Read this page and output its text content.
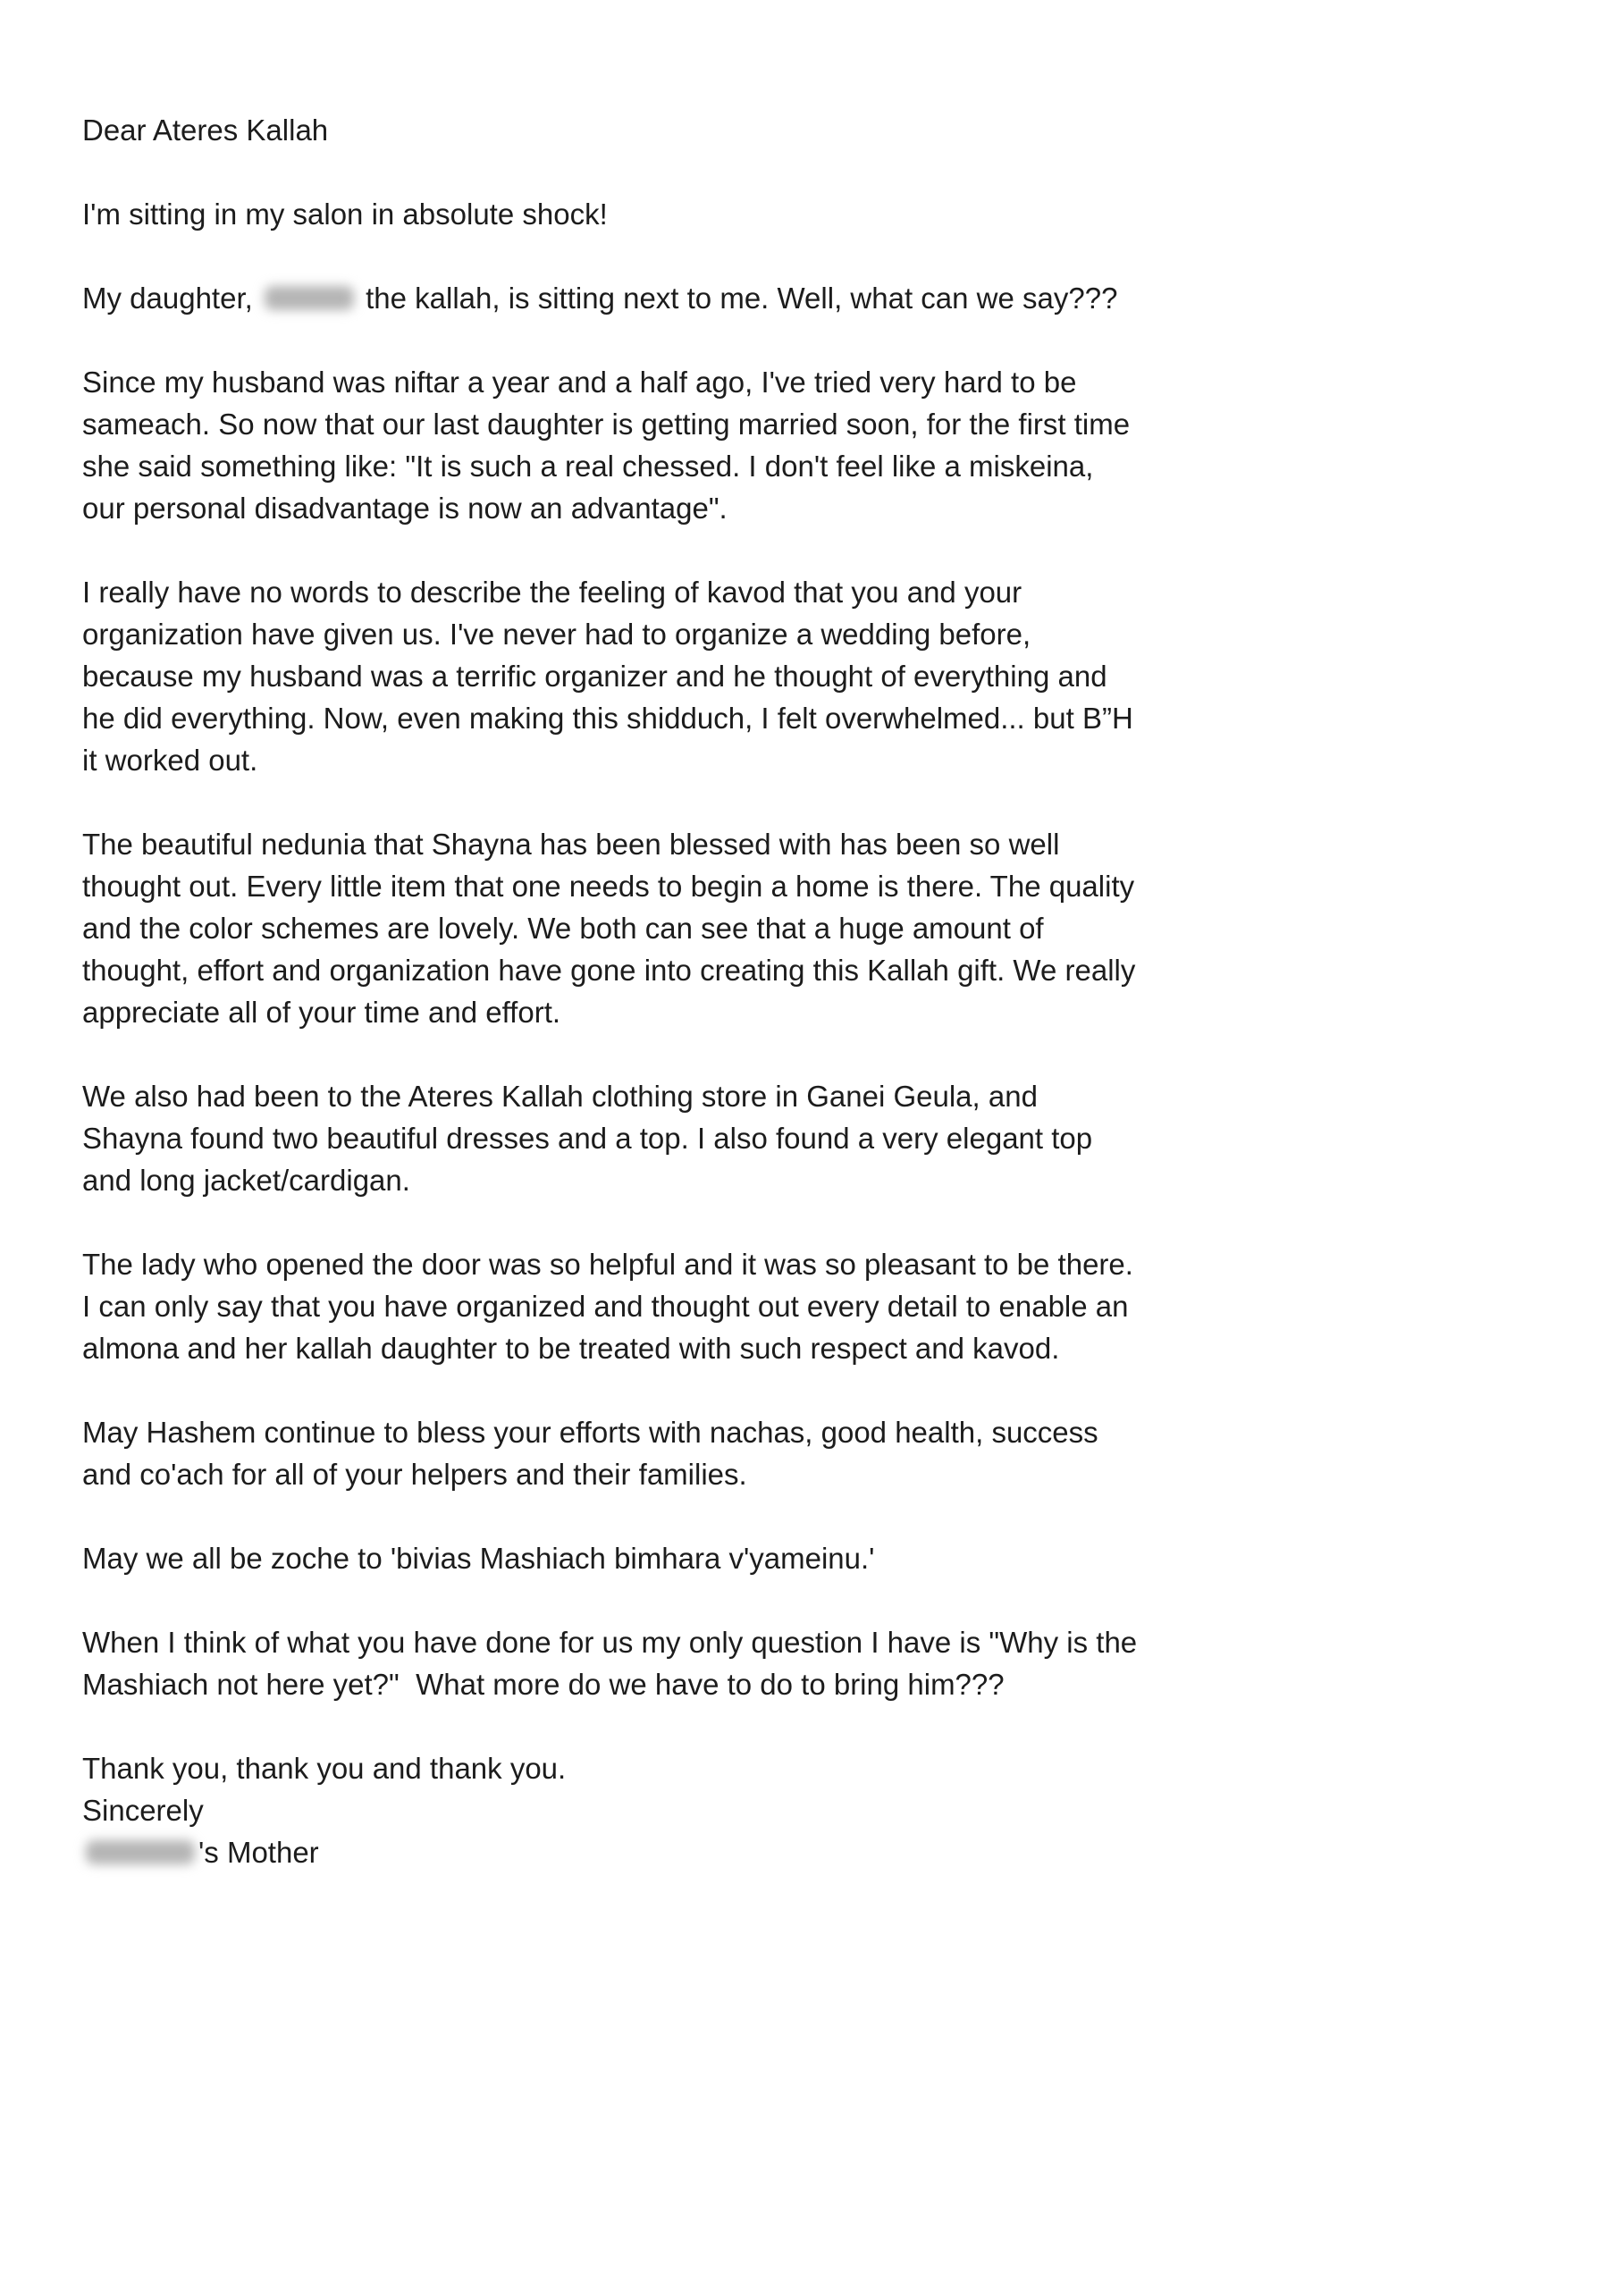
Dear Ateres Kallah
I'm sitting in my salon in absolute shock!
My daughter,	the kallah, is sitting next to me. Well, what can we say???
Since my husband was niftar a year and a half ago, I've tried very hard to be
sameach. So now that our last daughter is getting married soon, for the first time
she said something like: "It is such a real chessed. I don't feel like a miskeina,
our personal disadvantage is now an advantage".
I really have no words to describe the feeling of kavod that you and your
organization have given us. I've never had to organize a wedding before,
because my husband was a terrific organizer and he thought of everything and
he did everything. Now, even making this shidduch, I felt overwhelmed... but B”H
it worked out.
The beautiful nedunia that Shayna has been blessed with has been so well
thought out. Every little item that one needs to begin a home is there. The quality
and the color schemes are lovely. We both can see that a huge amount of
thought, effort and organization have gone into creating this Kallah gift. We really
appreciate all of your time and effort.
We also had been to the Ateres Kallah clothing store in Ganei Geula, and
Shayna found two beautiful dresses and a top. I also found a very elegant top
and long jacket/cardigan.
The lady who opened the door was so helpful and it was so pleasant to be there.
I can only say that you have organized and thought out every detail to enable an
almona and her kallah daughter to be treated with such respect and kavod.
May Hashem continue to bless your efforts with nachas, good health, success
and co'ach for all of your helpers and their families.
May we all be zoche to 'bivias Mashiach bimhara v'yameinu.'
When I think of what you have done for us my only question I have is "Why is the
Mashiach not here yet?"  What more do we have to do to bring him???
Thank you, thank you and thank you.
Sincerely
's Mother
